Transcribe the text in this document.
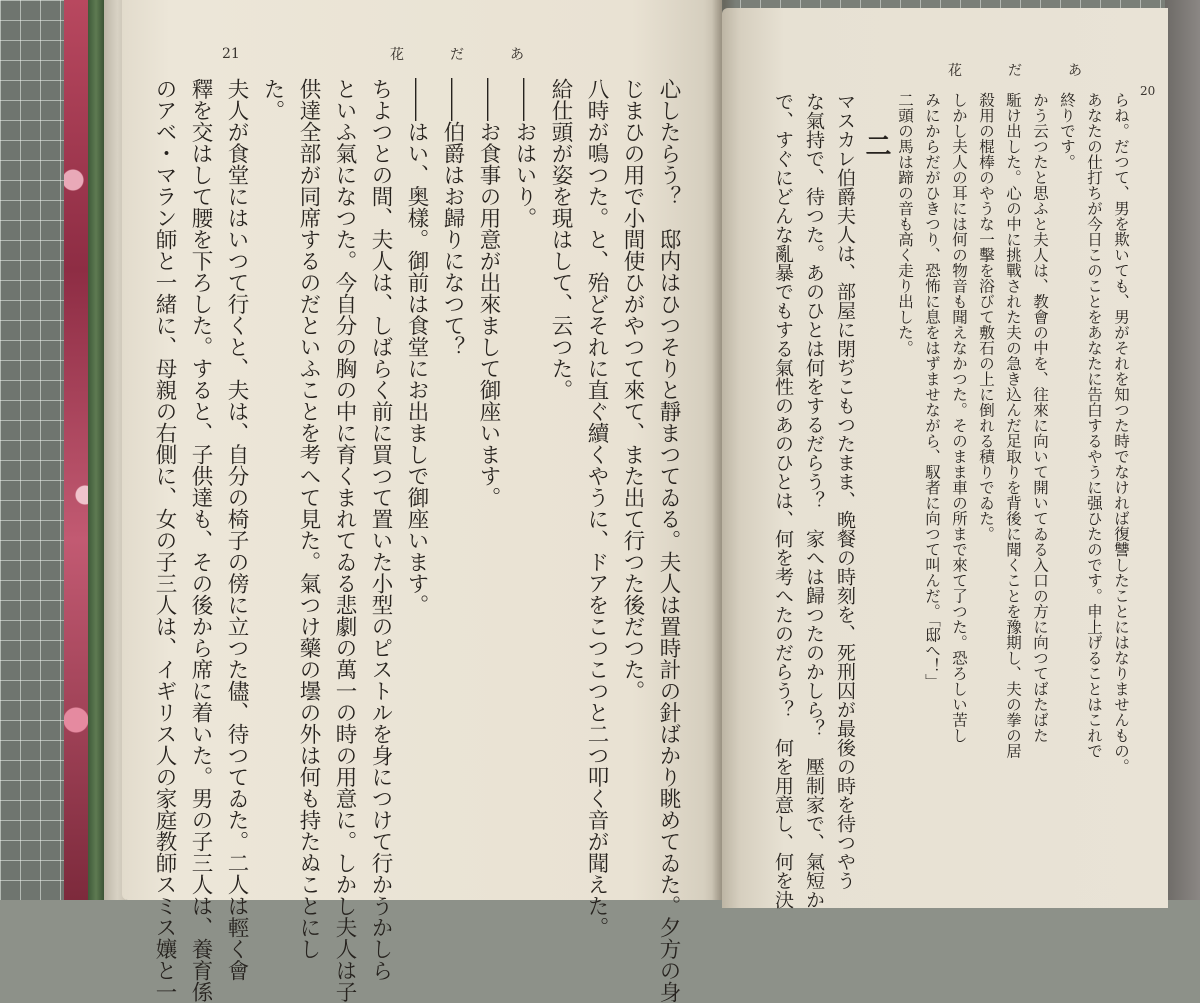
21	花だあ
心したらう？　邸内はひつそりと靜まつてゐる。夫人は置時計の針ばかり眺めてゐた。夕方の身
じまひの用で小間使ひがやつて來て、また出て行つた後だつた。
八時が鳴つた。と、殆どそれに直ぐ續くやうに、ドアをこつこつと二つ叩く音が聞えた。
給仕頭が姿を現はして、云つた。
――おはいり。
――お食事の用意が出來まして御座います。
――伯爵はお歸りになつて？
――はい、奥樣。御前は食堂にお出ましで御座います。
ちよつとの間、夫人は、しばらく前に買つて置いた小型のピストルを身につけて行かうかしら
といふ氣になつた。今自分の胸の中に育くまれてゐる悲劇の萬一の時の用意に。しかし夫人は子
供達全部が同席するのだといふことを考へて見た。氣つけ藥の壜の外は何も持たぬことにし
た。
夫人が食堂にはいつて行くと、夫は、自分の椅子の傍に立つた儘、待つてゐた。二人は輕く會
釋を交はして腰を下ろした。すると、子供達も、その後から席に着いた。男の子三人は、養育係
のアベ・マラン師と一緒に、母親の右側に、女の子三人は、イギリス人の家庭教師スミス孃と一
花だあ
20
らね。だつて、男を欺いても、男がそれを知つた時でなければ復讐したことにはなりませんもの。
あなたの仕打ちが今日このことをあなたに告白するやうに强ひたのです。申上げることはこれで
終りです。
かう云つたと思ふと夫人は、教會の中を、往來に向いて開いてゐる入口の方に向つてばたばた
駈け出した。心の中に挑戰された夫の急き込んだ足取りを背後に聞くことを豫期し、夫の拳の居
殺用の棍棒のやうな一擊を浴びて敷石の上に倒れる積りでゐた。
しかし夫人の耳には何の物音も聞えなかつた。そのまま車の所まで來て了つた。恐ろしい苦し
みにからだがひきつり、恐怖に息をはずませながら、馭者に向つて叫んだ。「邸へ！」
二頭の馬は蹄の音も高く走り出した。
二
マスカレ伯爵夫人は、部屋に閉ぢこもつたまま、晩餐の時刻を、死刑囚が最後の時を待つやう
な氣持で、待つた。あのひとは何をするだらう？　家へは歸つたのかしら？　壓制家で、氣短か
で、すぐにどんな亂暴でもする氣性のあのひとは、何を考へたのだらう？　何を用意し、何を決
